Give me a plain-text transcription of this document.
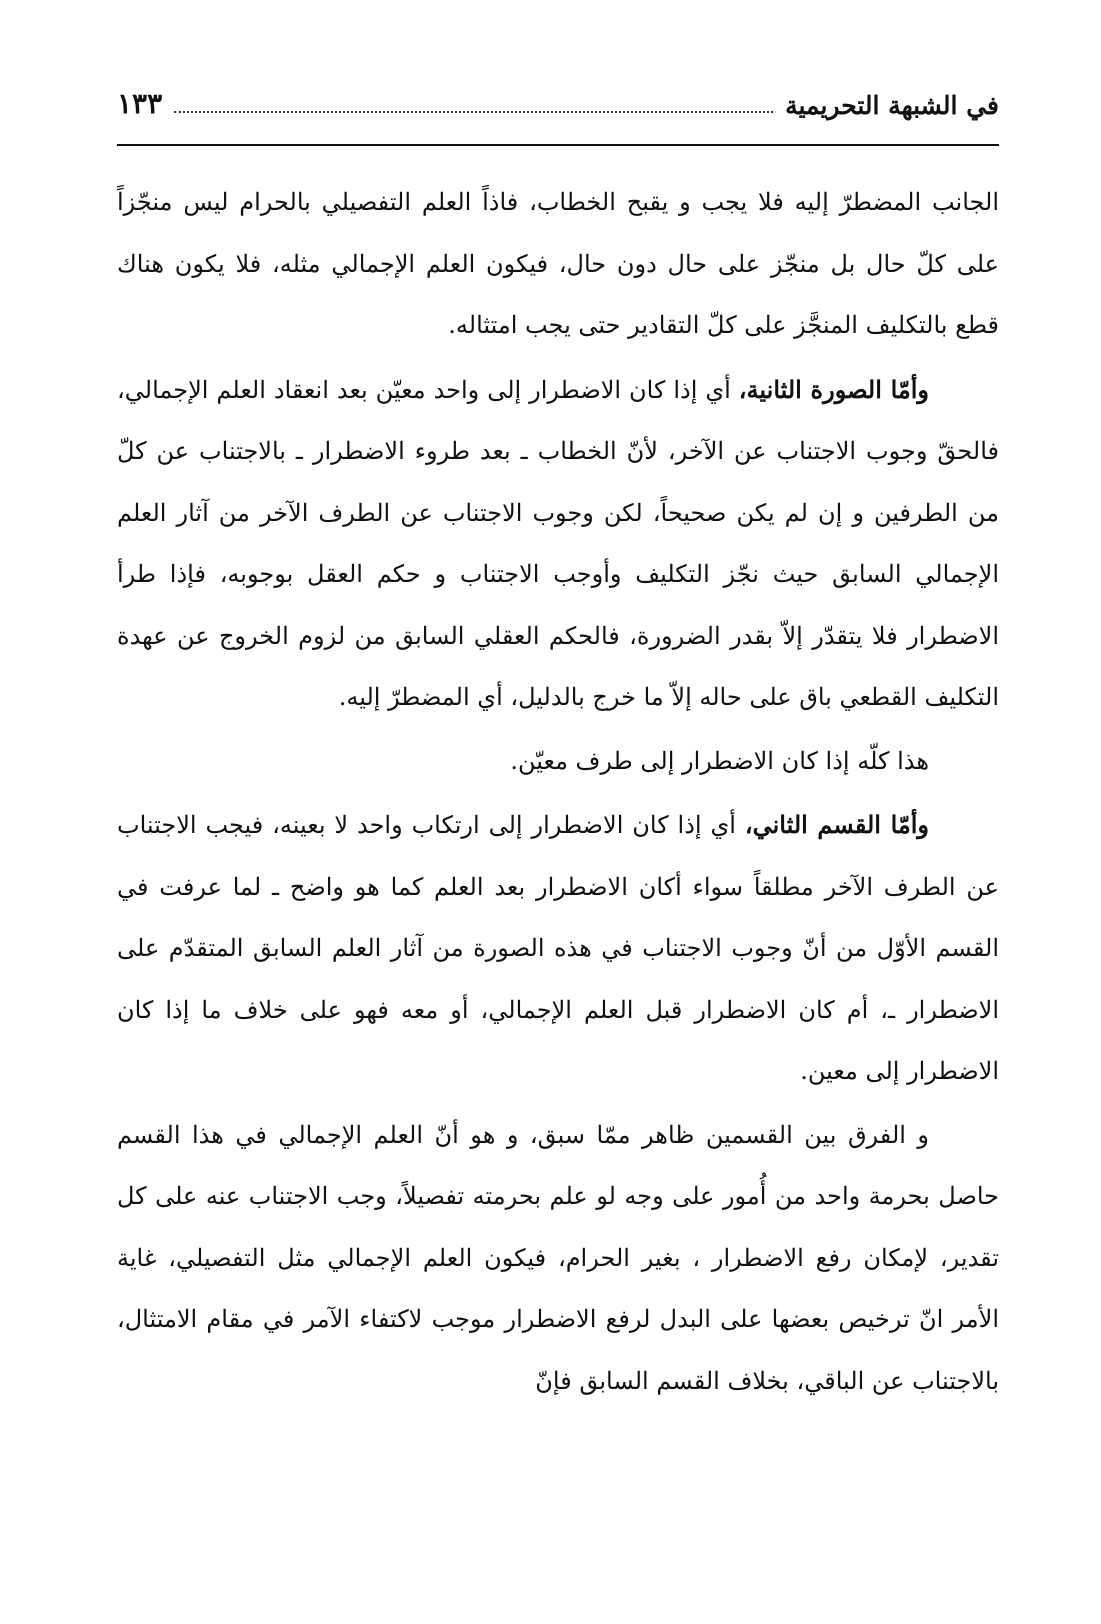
في الشبهة التحريمية
١٣٣

الجانب المضطرّ إليه فلا يجب و يقبح الخطاب، فاذاً العلم التفصيلي بالحرام ليس منجّزاً على كلّ حال بل منجّز على حال دون حال، فيكون العلم الإجمالي مثله، فلا يكون هناك قطع بالتكليف المنجَّز على كلّ التقادير حتى يجب امتثاله.

وأمّا الصورة الثانية، أي إذا كان الاضطرار إلى واحد معيّن بعد انعقاد العلم الإجمالي، فالحقّ وجوب الاجتناب عن الآخر، لأنّ الخطاب ـ بعد طروء الاضطرار ـ بالاجتناب عن كلّ من الطرفين و إن لم يكن صحيحاً، لكن وجوب الاجتناب عن الطرف الآخر من آثار العلم الإجمالي السابق حيث نجّز التكليف وأوجب الاجتناب و حكم العقل بوجوبه، فإذا طرأ الاضطرار فلا يتقدّر إلاّ بقدر الضرورة، فالحكم العقلي السابق من لزوم الخروج عن عهدة التكليف القطعي باق على حاله إلاّ ما خرج بالدليل، أي المضطرّ إليه.

هذا كلّه إذا كان الاضطرار إلى طرف معيّن.

وأمّا القسم الثاني، أي إذا كان الاضطرار إلى ارتكاب واحد لا بعينه، فيجب الاجتناب عن الطرف الآخر مطلقاً سواء أكان الاضطرار بعد العلم كما هو واضح ـ لما عرفت في القسم الأوّل من أنّ وجوب الاجتناب في هذه الصورة من آثار العلم السابق المتقدّم على الاضطرار ـ، أم كان الاضطرار قبل العلم الإجمالي، أو معه فهو على خلاف ما إذا كان الاضطرار إلى معين.

و الفرق بين القسمين ظاهر ممّا سبق، و هو أنّ العلم الإجمالي في هذا القسم حاصل بحرمة واحد من أُمور على وجه لو علم بحرمته تفصيلاً، وجب الاجتناب عنه على كل تقدير، لإمكان رفع الاضطرار ، بغير الحرام، فيكون العلم الإجمالي مثل التفصيلي، غاية الأمر انّ ترخيص بعضها على البدل لرفع الاضطرار موجب لاكتفاء الآمر في مقام الامتثال، بالاجتناب عن الباقي، بخلاف القسم السابق فإنّ
